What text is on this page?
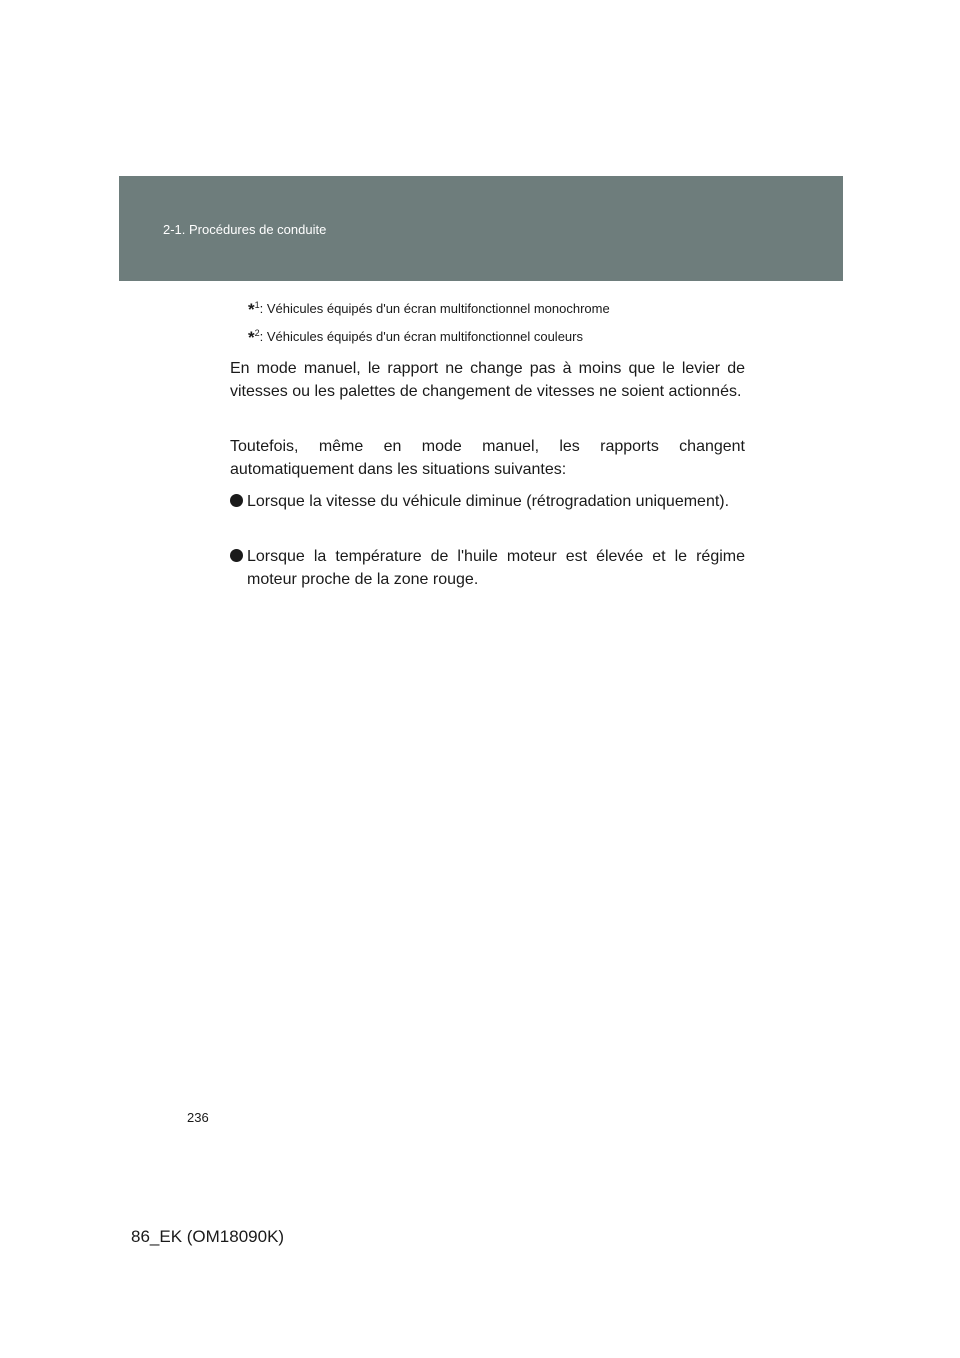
2-1. Procédures de conduite
*$^1$: Véhicules équipés d'un écran multifonctionnel monochrome
*$^2$: Véhicules équipés d'un écran multifonctionnel couleurs
En mode manuel, le rapport ne change pas à moins que le levier de vitesses ou les palettes de changement de vitesses ne soient actionnés.
Toutefois, même en mode manuel, les rapports changent automatiquement dans les situations suivantes:
Lorsque la vitesse du véhicule diminue (rétrogradation uniquement).
Lorsque la température de l'huile moteur est élevée et le régime moteur proche de la zone rouge.
236
86_EK (OM18090K)
